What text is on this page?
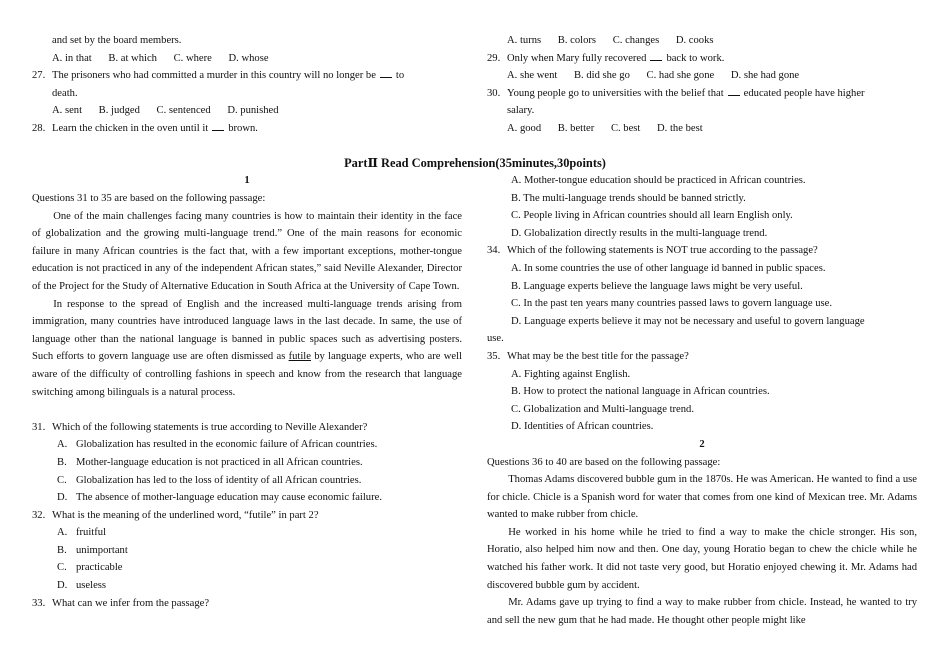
and set by the board members.
A. in that B. at which C. where D. whose
27. The prisoners who had committed a murder in this country will no longer be to
death.
A. sent B. judged C. sentenced D. punished
28. Learn the chicken in the oven until it brown.
A. turns B. colors C. changes D. cooks
29. Only when Mary fully recovered back to work.
A. she went B. did she go C. had she gone D. she had gone
30. Young people go to universities with the belief that educated people have higher
salary.
A. good B. better C. best D. the best
PartⅡ Read Comprehension(35minutes,30points)
1
Questions 31 to 35 are based on the following passage:
One of the main challenges facing many countries is how to maintain their identity in the face of globalization and the growing multi-language trend.” One of the main reasons for economic failure in many African countries is the fact that, with a few important exceptions, mother-tongue education is not practiced in any of the independent African states,” said Neville Alexander, Director of the Project for the Study of Alternative Education in South Africa at the University of Cape Town.
In response to the spread of English and the increased multi-language trends arising from immigration, many countries have introduced language laws in the last decade. In same, the use of language other than the national language is banned in public spaces such as advertising posters. Such efforts to govern language use are often dismissed as futile by language experts, who are well aware of the difficulty of controlling fashions in speech and know from the research that language switching among bilinguals is a natural process.
31. Which of the following statements is true according to Neville Alexander?
A. Globalization has resulted in the economic failure of African countries.
B. Mother-language education is not practiced in all African countries.
C. Globalization has led to the loss of identity of all African countries.
D. The absence of mother-language education may cause economic failure.
32. What is the meaning of the underlined word, “futile” in part 2?
A. fruitful
B. unimportant
C. practicable
D. useless
33. What can we infer from the passage?
A. Mother-tongue education should be practiced in African countries.
B. The multi-language trends should be banned strictly.
C. People living in African countries should all learn English only.
D. Globalization directly results in the multi-language trend.
34. Which of the following statements is NOT true according to the passage?
A. In some countries the use of other language id banned in public spaces.
B. Language experts believe the language laws might be very useful.
C. In the past ten years many countries passed laws to govern language use.
D. Language experts believe it may not be necessary and useful to govern language
use.
35. What may be the best title for the passage?
A. Fighting against English.
B. How to protect the national language in African countries.
C. Globalization and Multi-language trend.
D. Identities of African countries.
2
Questions 36 to 40 are based on the following passage:
Thomas Adams discovered bubble gum in the 1870s. He was American. He wanted to find a use for chicle. Chicle is a Spanish word for water that comes from one kind of Mexican tree. Mr. Adams wanted to make rubber from chicle.
He worked in his home while he tried to find a way to make the chicle stronger. His son, Horatio, also helped him now and then. One day, young Horatio began to chew the chicle while he watched his father work. It did not taste very good, but Horatio enjoyed chewing it. Mr. Adams had discovered bubble gum by accident.
Mr. Adams gave up trying to find a way to make rubber from chicle. Instead, he wanted to try and sell the new gum that he had made. He thought other people might like
